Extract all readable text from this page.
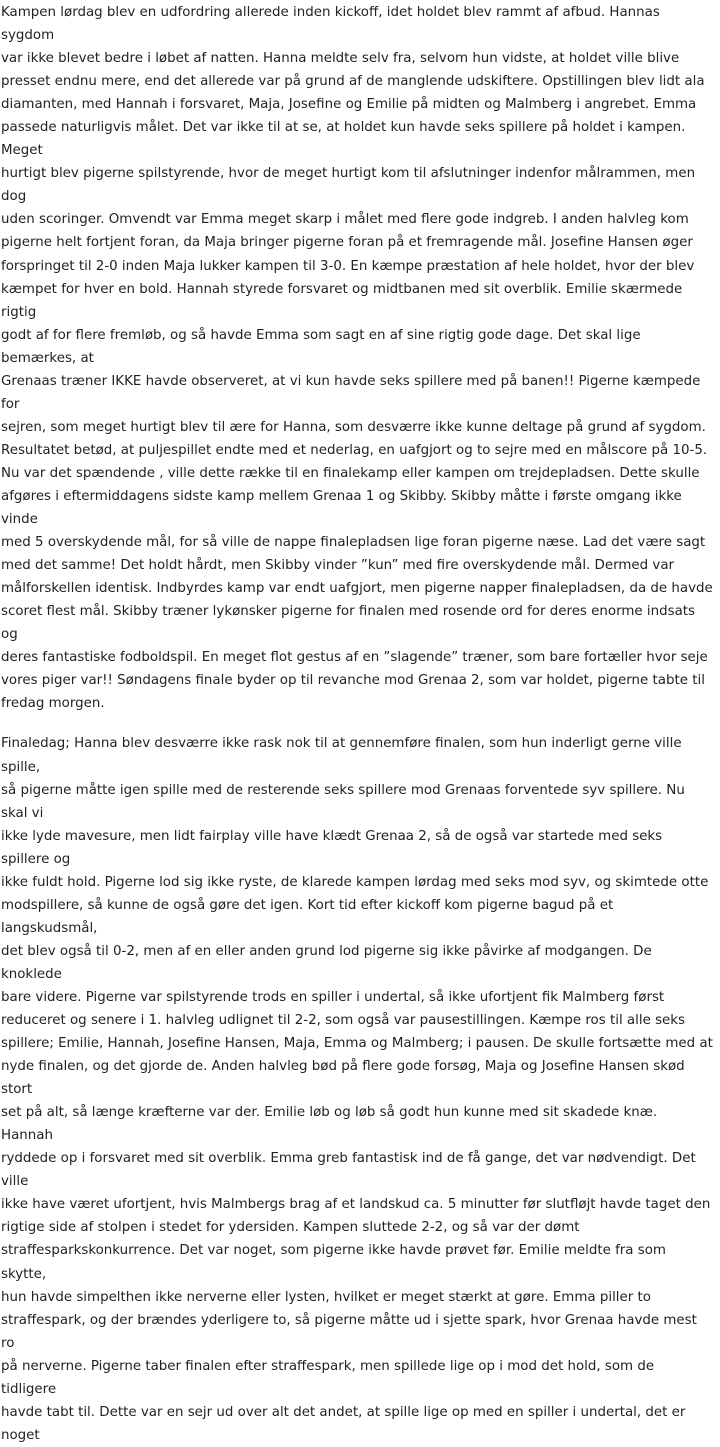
Kampen lørdag blev en udfordring allerede inden kickoff, idet holdet blev rammt af afbud. Hannas sygdom
var ikke blevet bedre i løbet af natten. Hanna meldte selv fra, selvom hun vidste, at holdet ville blive
presset endnu mere, end det allerede var på grund af de manglende udskiftere. Opstillingen blev lidt ala
diamanten, med Hannah i forsvaret, Maja, Josefine og Emilie på midten og Malmberg i angrebet. Emma
passede naturligvis målet. Det var ikke til at se, at holdet kun havde seks spillere på holdet i kampen. Meget
hurtigt blev pigerne spilstyrende, hvor de meget hurtigt kom til afslutninger indenfor målrammen, men dog
uden scoringer. Omvendt var Emma meget skarp i målet med flere gode indgreb. I anden halvleg kom
pigerne helt fortjent foran, da Maja bringer pigerne foran på et fremragende mål. Josefine Hansen øger
forspringet til 2-0 inden Maja lukker kampen til 3-0. En kæmpe præstation af hele holdet, hvor der blev
kæmpet for hver en bold. Hannah styrede forsvaret og midtbanen med sit overblik. Emilie skærmede rigtig
godt af for flere fremløb, og så havde Emma som sagt en af sine rigtig gode dage. Det skal lige bemærkes, at
Grenaas træner IKKE havde observeret, at vi kun havde seks spillere med på banen!! Pigerne kæmpede for
sejren, som meget hurtigt blev til ære for Hanna, som desværre ikke kunne deltage på grund af sygdom.
Resultatet betød, at puljespillet endte med et nederlag, en uafgjort og to sejre med en målscore på 10-5.
Nu var det spændende , ville dette række til en finalekamp eller kampen om trejdepladsen. Dette skulle
afgøres i eftermiddagens sidste kamp mellem Grenaa 1 og Skibby. Skibby måtte i første omgang ikke vinde
med 5 overskydende mål, for så ville de nappe finalepladsen lige foran pigerne næse. Lad det være sagt
med det samme! Det holdt hårdt, men Skibby vinder ”kun” med fire overskydende mål. Dermed var
målforskellen identisk. Indbyrdes kamp var endt uafgjort, men pigerne napper finalepladsen, da de havde
scoret flest mål. Skibby træner lykønsker pigerne for finalen med rosende ord for deres enorme indsats og
deres fantastiske fodboldspil. En meget flot gestus af en ”slagende” træner, som bare fortæller hvor seje
vores piger var!! Søndagens finale byder op til revanche mod Grenaa 2, som var holdet, pigerne tabte til
fredag morgen.

Finaledag; Hanna blev desværre ikke rask nok til at gennemføre finalen, som hun inderligt gerne ville spille,
så pigerne måtte igen spille med de resterende seks spillere mod Grenaas forventede syv spillere. Nu skal vi
ikke lyde mavesure, men lidt fairplay ville have klædt Grenaa 2, så de også var startede med seks spillere og
ikke fuldt hold. Pigerne lod sig ikke ryste, de klarede kampen lørdag med seks mod syv, og skimtede otte
modspillere, så kunne de også gøre det igen. Kort tid efter kickoff kom pigerne bagud på et langskudsmål,
det blev også til 0-2, men af en eller anden grund lod pigerne sig ikke påvirke af modgangen. De knoklede
bare videre. Pigerne var spilstyrende trods en spiller i undertal, så ikke ufortjent fik Malmberg først
reduceret og senere i 1. halvleg udlignet til 2-2, som også var pausestillingen. Kæmpe ros til alle seks
spillere; Emilie, Hannah, Josefine Hansen, Maja, Emma og Malmberg; i pausen. De skulle fortsætte med at
nyde finalen, og det gjorde de. Anden halvleg bød på flere gode forsøg, Maja og Josefine Hansen skød stort
set på alt, så længe kræfterne var der. Emilie løb og løb så godt hun kunne med sit skadede knæ. Hannah
ryddede op i forsvaret med sit overblik. Emma greb fantastisk ind de få gange, det var nødvendigt. Det ville
ikke have været ufortjent, hvis Malmbergs brag af et landskud ca. 5 minutter før slutfløjt havde taget den
rigtige side af stolpen i stedet for ydersiden. Kampen sluttede 2-2, og så var der dømt
straffesparkskonkurrence. Det var noget, som pigerne ikke havde prøvet før. Emilie meldte fra som skytte,
hun havde simpelthen ikke nerverne eller lysten, hvilket er meget stærkt at gøre. Emma piller to
straffespark, og der brændes yderligere to, så pigerne måtte ud i sjette spark, hvor Grenaa havde mest ro
på nerverne. Pigerne taber finalen efter straffespark, men spillede lige op i mod det hold, som de tidligere
havde tabt til. Dette var en sejr ud over alt det andet, at spille lige op med en spiller i undertal, det er noget
